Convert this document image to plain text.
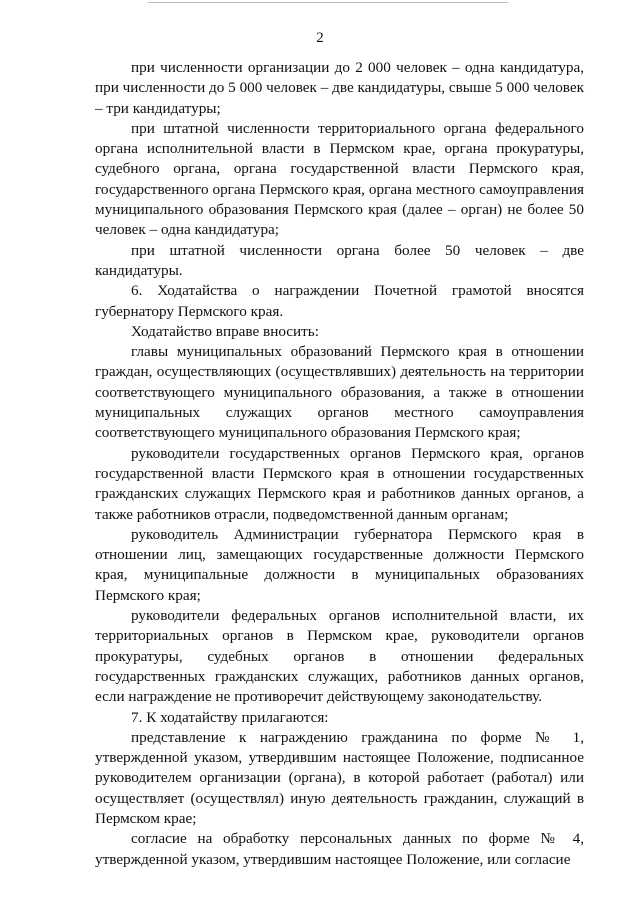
2

при численности организации до 2 000 человек – одна кандидатура, при численности до 5 000 человек – две кандидатуры, свыше 5 000 человек – три кандидатуры;

при штатной численности территориального органа федерального органа исполнительной власти в Пермском крае, органа прокуратуры, судебного органа, органа государственной власти Пермского края, государственного органа Пермского края, органа местного самоуправления муниципального образования Пермского края (далее – орган) не более 50 человек – одна кандидатура;

при штатной численности органа более 50 человек – две кандидатуры.

6. Ходатайства о награждении Почетной грамотой вносятся губернатору Пермского края.

Ходатайство вправе вносить:

главы муниципальных образований Пермского края в отношении граждан, осуществляющих (осуществлявших) деятельность на территории соответствующего муниципального образования, а также в отношении муниципальных служащих органов местного самоуправления соответствующего муниципального образования Пермского края;

руководители государственных органов Пермского края, органов государственной власти Пермского края в отношении государственных гражданских служащих Пермского края и работников данных органов, а также работников отрасли, подведомственной данным органам;

руководитель Администрации губернатора Пермского края в отношении лиц, замещающих государственные должности Пермского края, муниципальные должности в муниципальных образованиях Пермского края;

руководители федеральных органов исполнительной власти, их территориальных органов в Пермском крае, руководители органов прокуратуры, судебных органов в отношении федеральных государственных гражданских служащих, работников данных органов, если награждение не противоречит действующему законодательству.

7. К ходатайству прилагаются:

представление к награждению гражданина по форме № 1, утвержденной указом, утвердившим настоящее Положение, подписанное руководителем организации (органа), в которой работает (работал) или осуществляет (осуществлял) иную деятельность гражданин, служащий в Пермском крае;

согласие на обработку персональных данных по форме № 4, утвержденной указом, утвердившим настоящее Положение, или согласие
